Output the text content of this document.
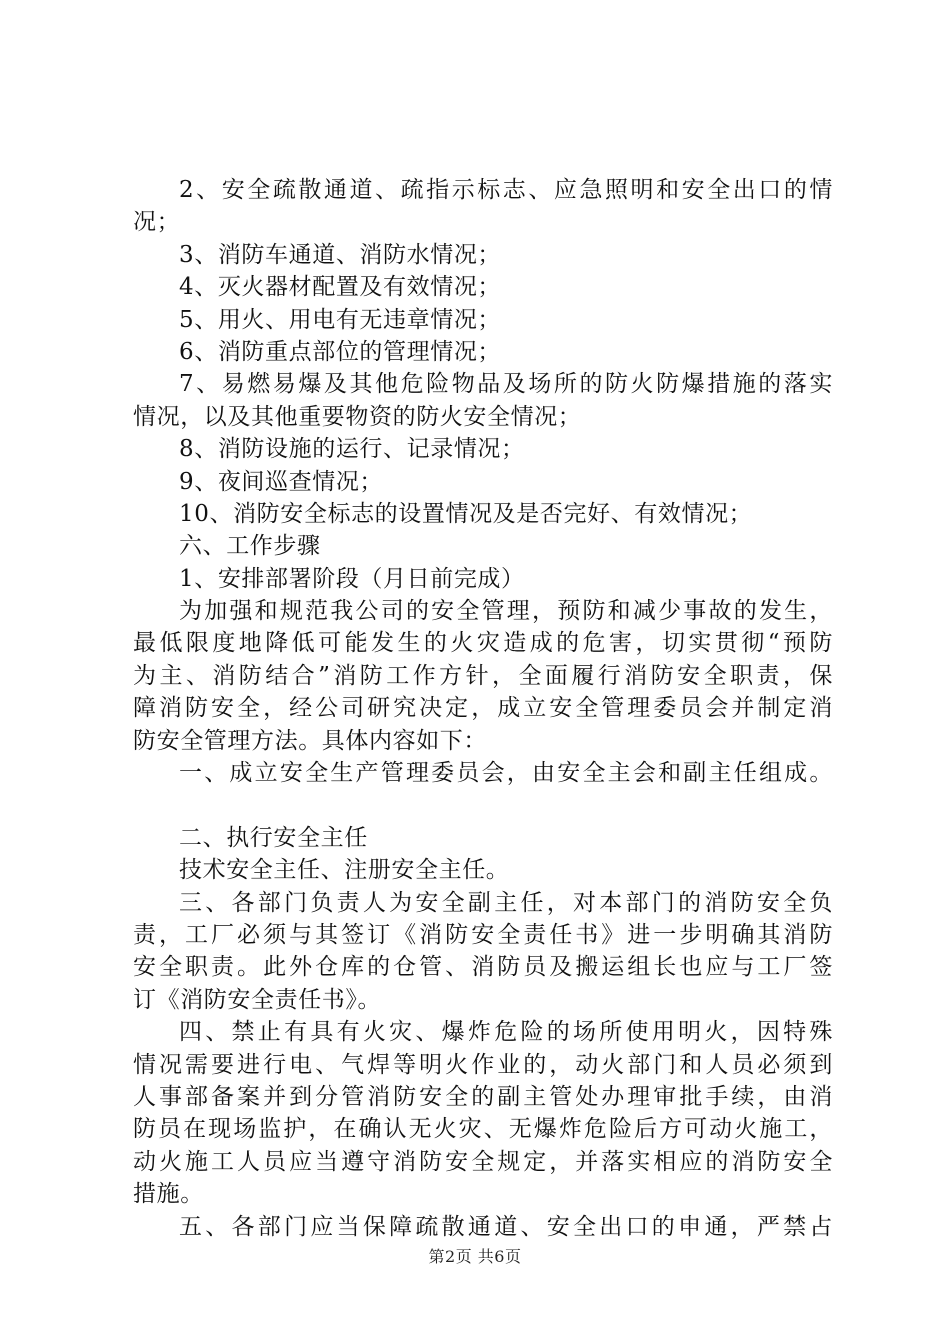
2、安全疏散通道、疏指示标志、应急照明和安全出口的情
况；
3、消防车通道、消防水情况；
4、灭火器材配置及有效情况；
5、用火、用电有无违章情况；
6、消防重点部位的管理情况；
7、易燃易爆及其他危险物品及场所的防火防爆措施的落实
情况，以及其他重要物资的防火安全情况；
8、消防设施的运行、记录情况；
9、夜间巡查情况；
10、消防安全标志的设置情况及是否完好、有效情况；
六、工作步骤
1、安排部署阶段（月日前完成）
为加强和规范我公司的安全管理，预防和减少事故的发生，
最低限度地降低可能发生的火灾造成的危害，切实贯彻“预防
为主、消防结合”消防工作方针，全面履行消防安全职责，保
障消防安全，经公司研究决定，成立安全管理委员会并制定消
防安全管理方法。具体内容如下：
一、成立安全生产管理委员会，由安全主会和副主任组成。
二、执行安全主任
技术安全主任、注册安全主任。
三、各部门负责人为安全副主任，对本部门的消防安全负
责，工厂必须与其签订《消防安全责任书》进一步明确其消防
安全职责。此外仓库的仓管、消防员及搬运组长也应与工厂签
订《消防安全责任书》。
四、禁止有具有火灾、爆炸危险的场所使用明火，因特殊
情况需要进行电、气焊等明火作业的，动火部门和人员必须到
人事部备案并到分管消防安全的副主管处办理审批手续，由消
防员在现场监护，在确认无火灾、无爆炸危险后方可动火施工，
动火施工人员应当遵守消防安全规定，并落实相应的消防安全
措施。
五、各部门应当保障疏散通道、安全出口的申通，严禁占
第2页 共6页
